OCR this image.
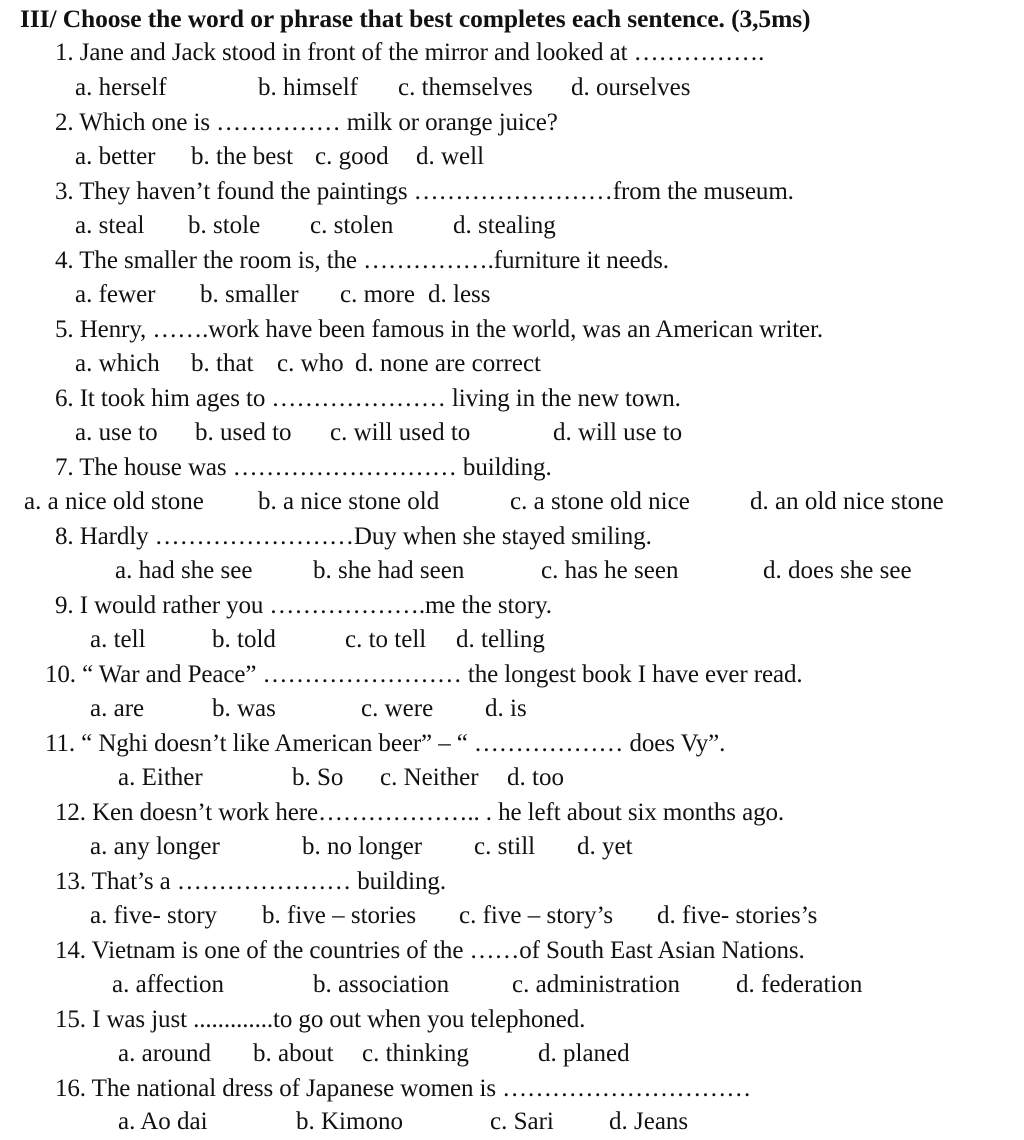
III/ Choose the word or phrase that best completes each sentence. (3,5ms)
1. Jane and Jack stood in front of the mirror and looked at …………….
a. herself	b. himself c. themselves d. ourselves
2. Which one is …………… milk or orange juice?
a. better b. the best c. good d. well
3. They haven’t found the paintings ……………………from the museum.
a. steal b. stole c. stolen d. stealing
4. The smaller the room is, the …………….furniture it needs.
a. fewer b. smaller c. more d. less
5. Henry, …….work have been famous in the world, was an American writer.
a. which b. that c. who d. none are correct
6. It took him ages to ………………… living in the new town.
a. use to b. used to c. will used to	d. will use to
7. The house was ……………………… building.
a. a nice old stone b. a nice stone old	c. a stone old nice d. an old nice stone
8. Hardly ……………………Duy when she stayed smiling.
a. had she see b. she had seen	c. has he seen	d. does she see
9. I would rather you ……………….me the story.
a. tell	b. told	c. to tell d. telling
10. “ War and Peace” …………………… the longest book I have ever read.
a. are	b. was	c. were d. is
11. “ Nghi doesn’t like American beer” – “ ……………… does Vy”.
a. Either	b. So c. Neither d. too
12. Ken doesn’t work here……………….. . he left about six months ago.
a. any longer	b. no longer c. still d. yet
13. That’s a ………………… building.
a. five- story b. five – stories c. five – story’s d. five- stories’s
14. Vietnam is one of the countries of the ……of South East Asian Nations.
a. affection	b. association	c. administration d. federation
15. I was just .............to go out when you telephoned.
a. around b. about c. thinking	d. planed
16. The national dress of Japanese women is …………………………
a. Ao dai	b. Kimono	c. Sari d. Jeans
